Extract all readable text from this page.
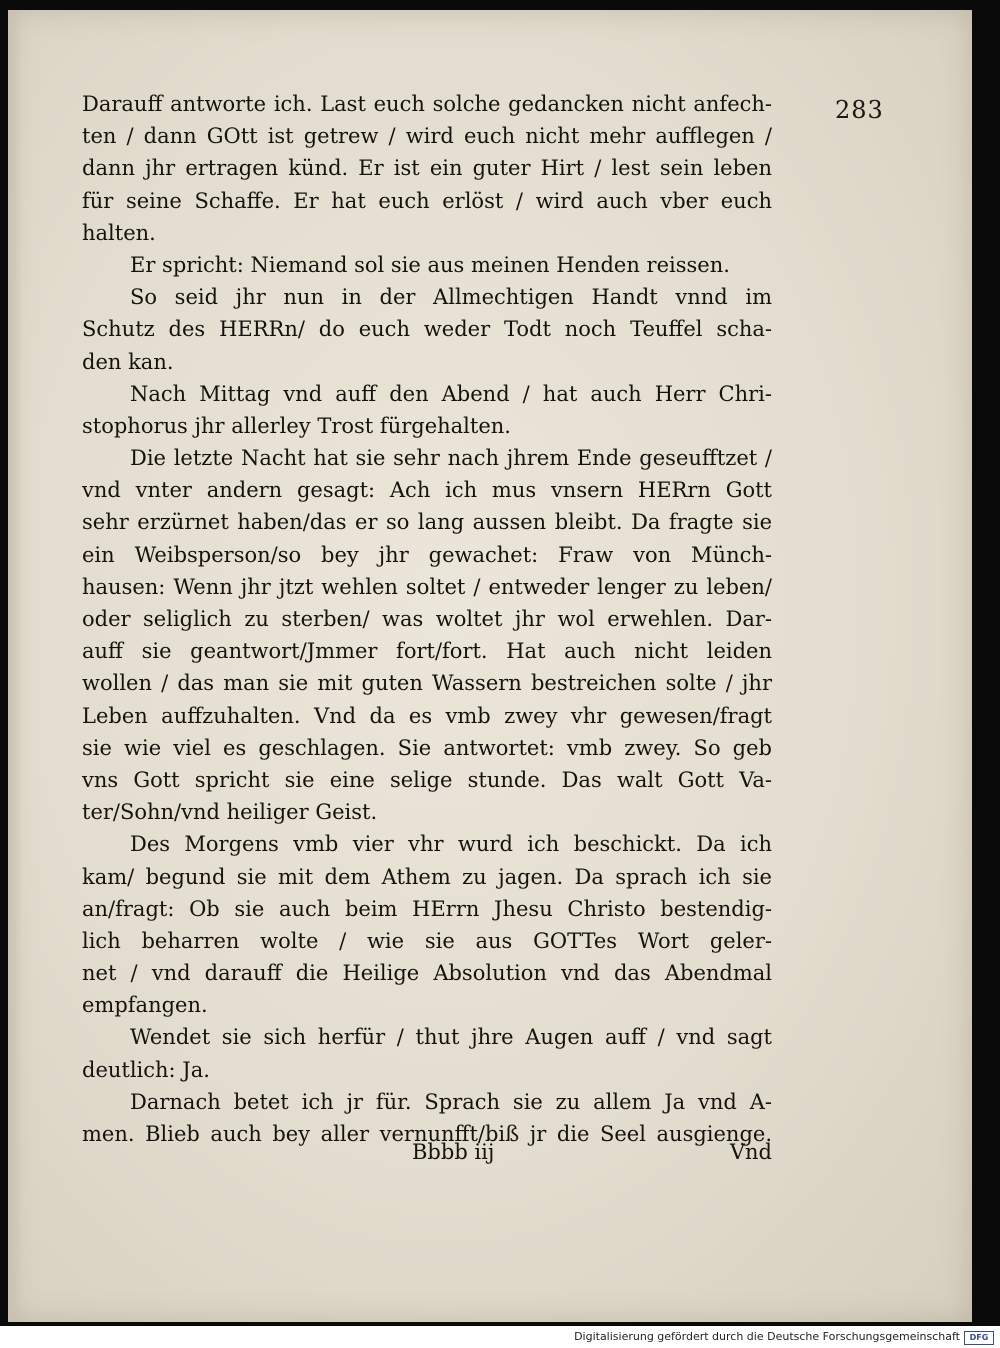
283
Darauff antworte ich. Last euch solche gedancken nicht anfech-
ten / dann GOtt ist getrew / wird euch nicht mehr aufflegen /
dann jhr ertragen künd. Er ist ein guter Hirt / lest sein leben
für seine Schaffe. Er hat euch erlöst / wird auch vber euch
halten.
Er spricht: Niemand sol sie aus meinen Henden reissen.
So seid jhr nun in der Allmechtigen Handt vnnd im
Schutz des HERRn/ do euch weder Todt noch Teuffel scha-
den kan.
Nach Mittag vnd auff den Abend / hat auch Herr Chri-
stophorus jhr allerley Trost fürgehalten.
Die letzte Nacht hat sie sehr nach jhrem Ende geseufftzet /
vnd vnter andern gesagt: Ach ich mus vnsern HERrn Gott
sehr erzürnet haben/das er so lang aussen bleibt. Da fragte sie
ein Weibsperson/so bey jhr gewachet: Fraw von Münch-
hausen: Wenn jhr jtzt wehlen soltet / entweder lenger zu leben/
oder seliglich zu sterben/ was woltet jhr wol erwehlen. Dar-
auff sie geantwort/Jmmer fort/fort. Hat auch nicht leiden
wollen / das man sie mit guten Wassern bestreichen solte / jhr
Leben auffzuhalten. Vnd da es vmb zwey vhr gewesen/fragt
sie wie viel es geschlagen. Sie antwortet: vmb zwey. So geb
vns Gott spricht sie eine selige stunde. Das walt Gott Va-
ter/Sohn/vnd heiliger Geist.
Des Morgens vmb vier vhr wurd ich beschickt. Da ich
kam/ begund sie mit dem Athem zu jagen. Da sprach ich sie
an/fragt: Ob sie auch beim HErrn Jhesu Christo bestendig-
lich beharren wolte / wie sie aus GOTTes Wort geler-
net / vnd darauff die Heilige Absolution vnd das Abendmal
empfangen.
Wendet sie sich herfür / thut jhre Augen auff / vnd sagt
deutlich: Ja.
Darnach betet ich jr für. Sprach sie zu allem Ja vnd A-
men. Blieb auch bey aller vernunfft/biß jr die Seel ausgienge.
Bbbb iij	Vnd
Digitalisierung gefördert durch die Deutsche Forschungsgemeinschaft	DFG
